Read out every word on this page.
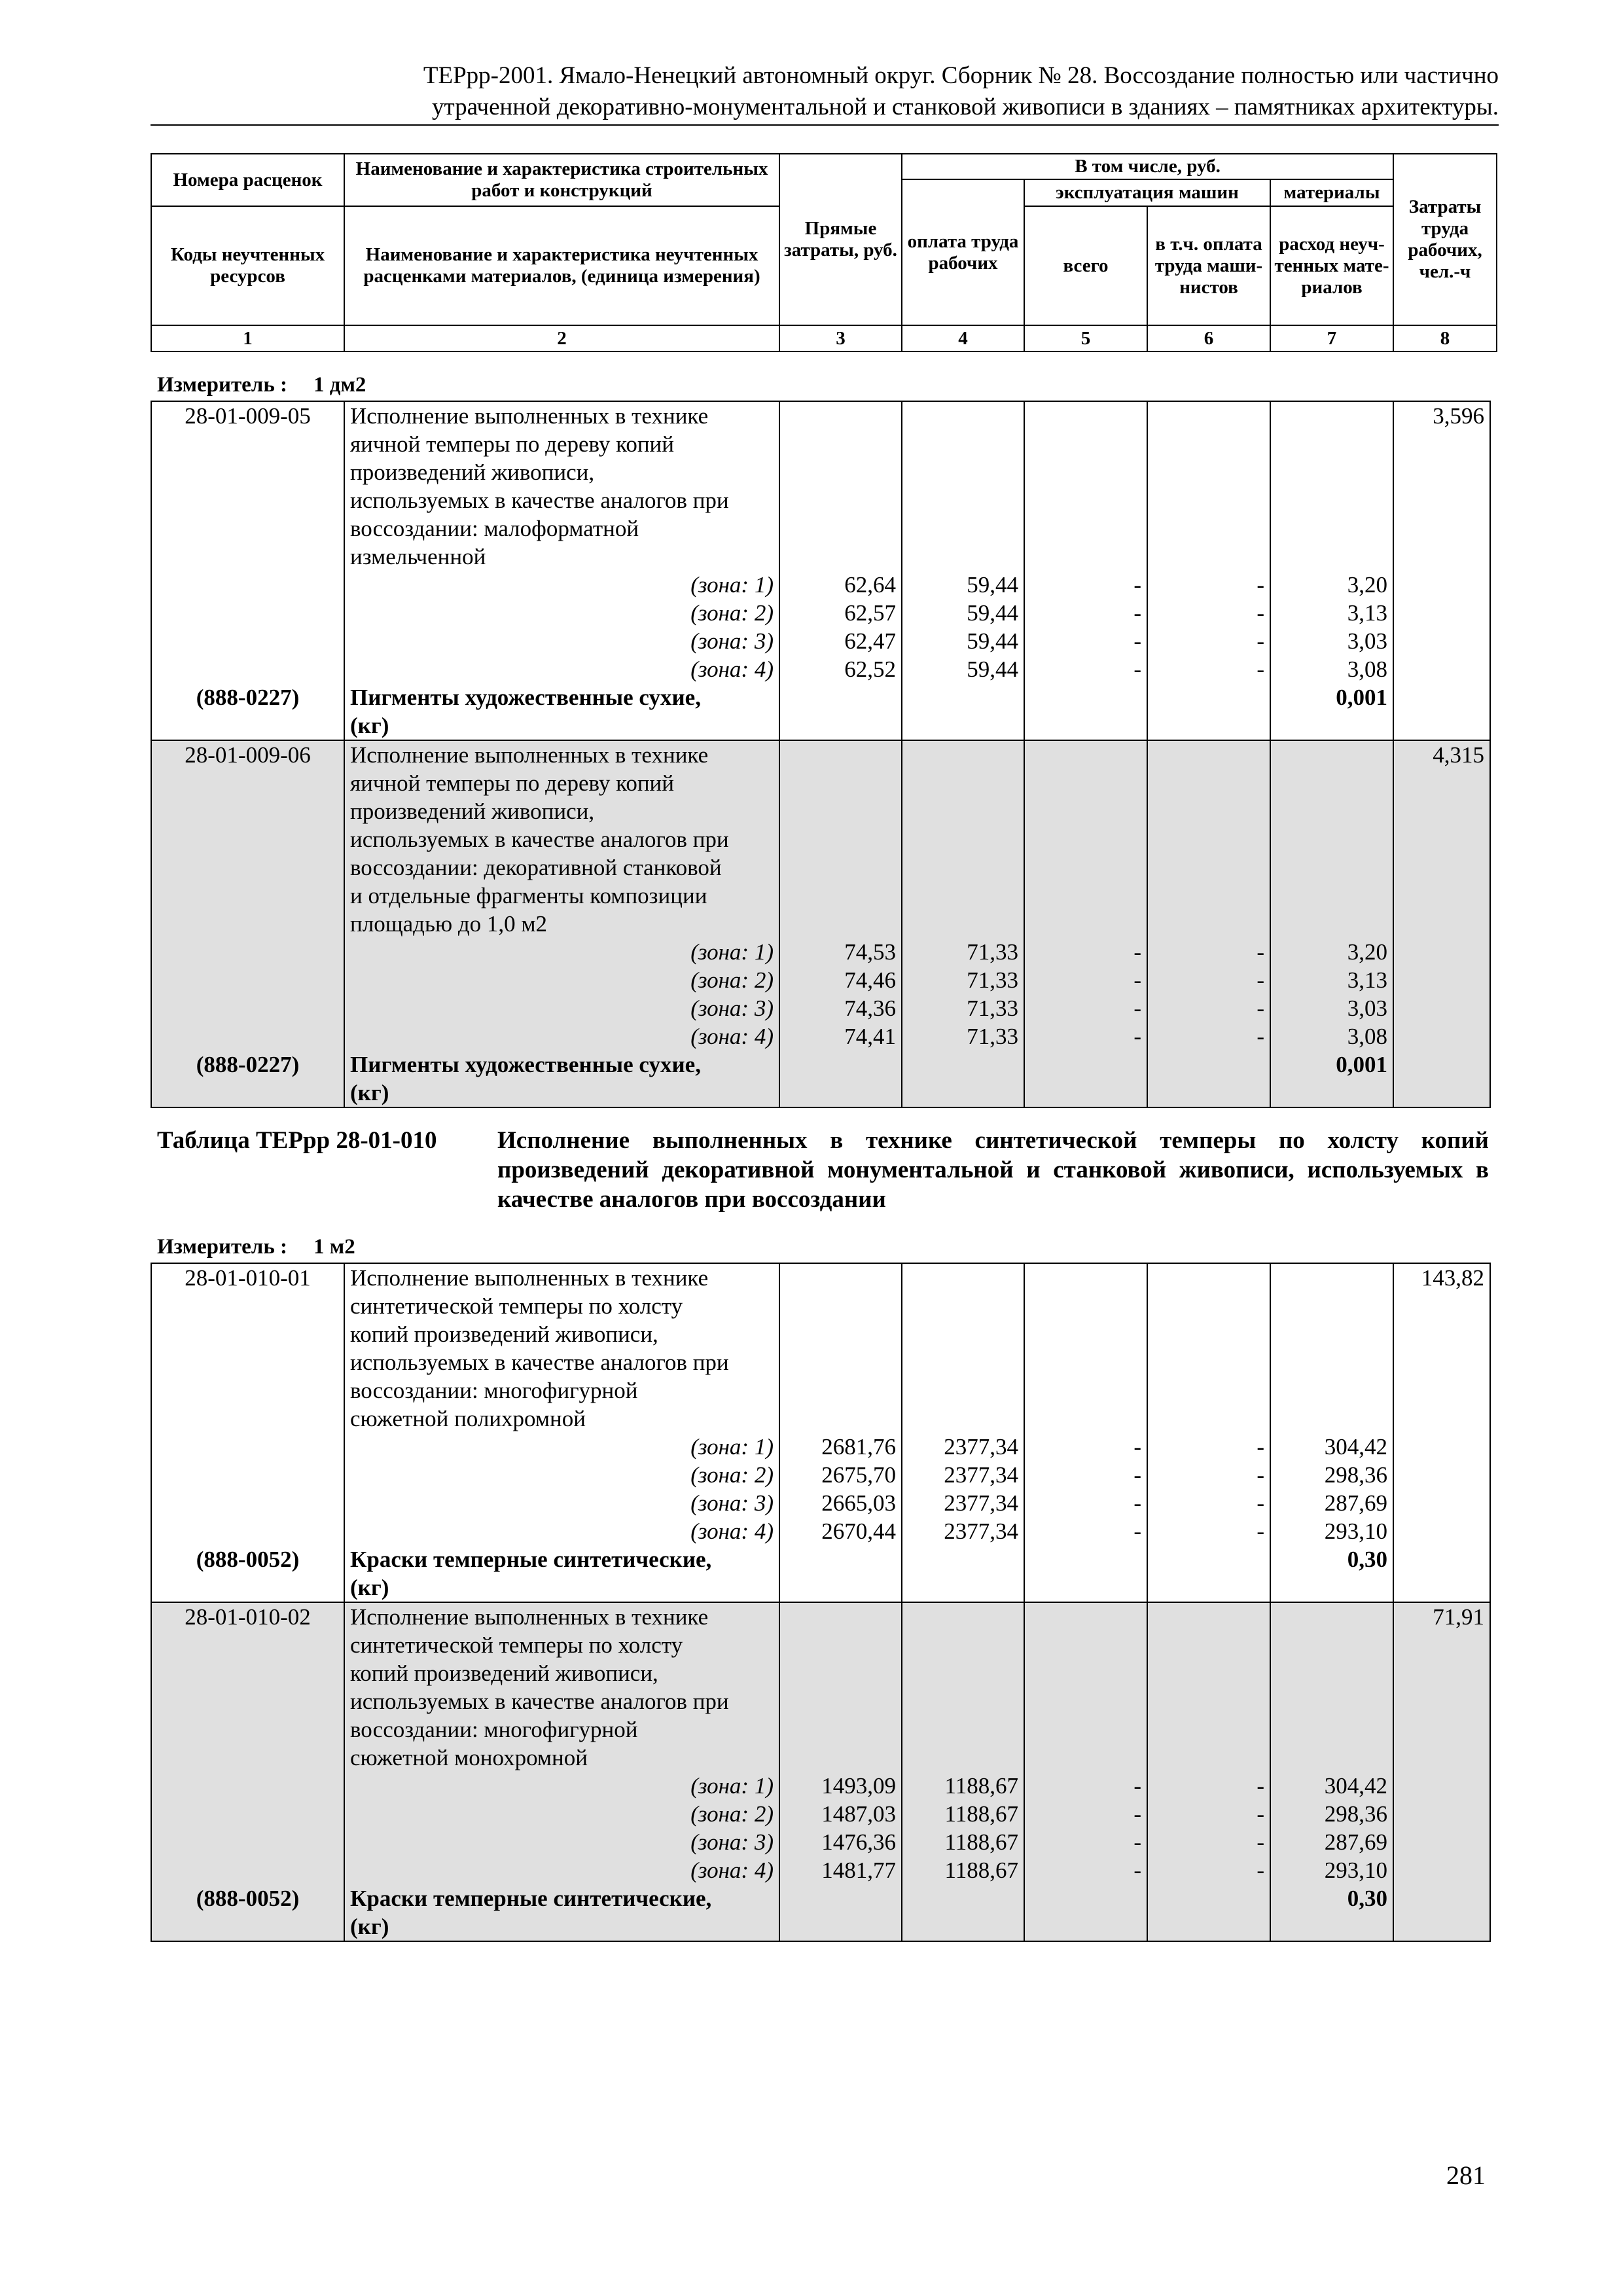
ТЕРрр-2001. Ямало-Ненецкий автономный округ. Сборник № 28. Воссоздание полностью или частично
утраченной декоративно-монументальной и станковой живописи в зданиях – памятниках архитектуры.
Номера расценок	Наименование и характеристика строительных работ и конструкций	Прямые затраты, руб.	В том числе, руб.				Затраты труда рабочих, чел.-ч
			оплата труда рабочих	эксплуатация машин		материалы	
Коды неучтенных ресурсов	Наименование и характеристика неучтенных расценками материалов, (единица измерения)			всего	в т.ч. оплата труда маши-нистов	расход неуч-тенных мате-риалов	

1	2	3	4	5	6	7	8
Измеритель : 1 дм2
28-01-009-05	Исполнение выполненных в технике						3,596
	яичной темперы по дереву копий						
	произведений живописи,						
	используемых в качестве аналогов при						
	воссоздании: малоформатной						
	измельченной						
	(зона: 1)	62,64	59,44	-	-	3,20	
	(зона: 2)	62,57	59,44	-	-	3,13	
	(зона: 3)	62,47	59,44	-	-	3,03	
	(зона: 4)	62,52	59,44	-	-	3,08	
(888-0227)	Пигменты художественные сухие,					0,001	
	(кг)						
28-01-009-06	Исполнение выполненных в технике						4,315
	яичной темперы по дереву копий						
	произведений живописи,						
	используемых в качестве аналогов при						
	воссоздании: декоративной станковой						
	и отдельные фрагменты композиции						
	площадью до 1,0 м2						
	(зона: 1)	74,53	71,33	-	-	3,20	
	(зона: 2)	74,46	71,33	-	-	3,13	
	(зона: 3)	74,36	71,33	-	-	3,03	
	(зона: 4)	74,41	71,33	-	-	3,08	
(888-0227)	Пигменты художественные сухие,					0,001	
	(кг)						
Таблица ТЕРрр 28-01-010	Исполнение выполненных в технике синтетической темперы по холсту копий произведений декоративной монументальной и станковой живописи, используемых в качестве аналогов при воссоздании
Измеритель : 1 м2
28-01-010-01	Исполнение выполненных в технике						143,82
	синтетической темперы по холсту						
	копий произведений живописи,						
	используемых в качестве аналогов при						
	воссоздании: многофигурной						
	сюжетной полихромной						
	(зона: 1)	2681,76	2377,34	-	-	304,42	
	(зона: 2)	2675,70	2377,34	-	-	298,36	
	(зона: 3)	2665,03	2377,34	-	-	287,69	
	(зона: 4)	2670,44	2377,34	-	-	293,10	
(888-0052)	Краски темперные синтетические,					0,30	
	(кг)						
28-01-010-02	Исполнение выполненных в технике						71,91
	синтетической темперы по холсту						
	копий произведений живописи,						
	используемых в качестве аналогов при						
	воссоздании: многофигурной						
	сюжетной монохромной						
	(зона: 1)	1493,09	1188,67	-	-	304,42	
	(зона: 2)	1487,03	1188,67	-	-	298,36	
	(зона: 3)	1476,36	1188,67	-	-	287,69	
	(зона: 4)	1481,77	1188,67	-	-	293,10	
(888-0052)	Краски темперные синтетические,					0,30	
	(кг)						
281
